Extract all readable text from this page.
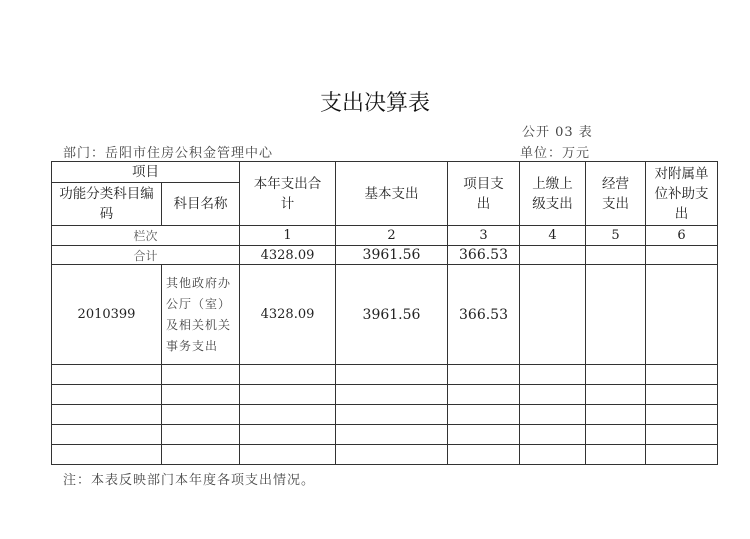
支出决算表
公开 03 表
部门：岳阳市住房公积金管理中心	单位：万元
项目		本年支出合计	基本支出	项目支出	上缴上级支出	经营支出	对附属单位补助支出
功能分类科目编码	科目名称						
栏次		1	2	3	4	5	6
合计		4328.09	3961.56	366.53			
2010399	其他政府办公厅（室）及相关机关事务支出	4328.09	3961.56	366.53			

注：本表反映部门本年度各项支出情况。
